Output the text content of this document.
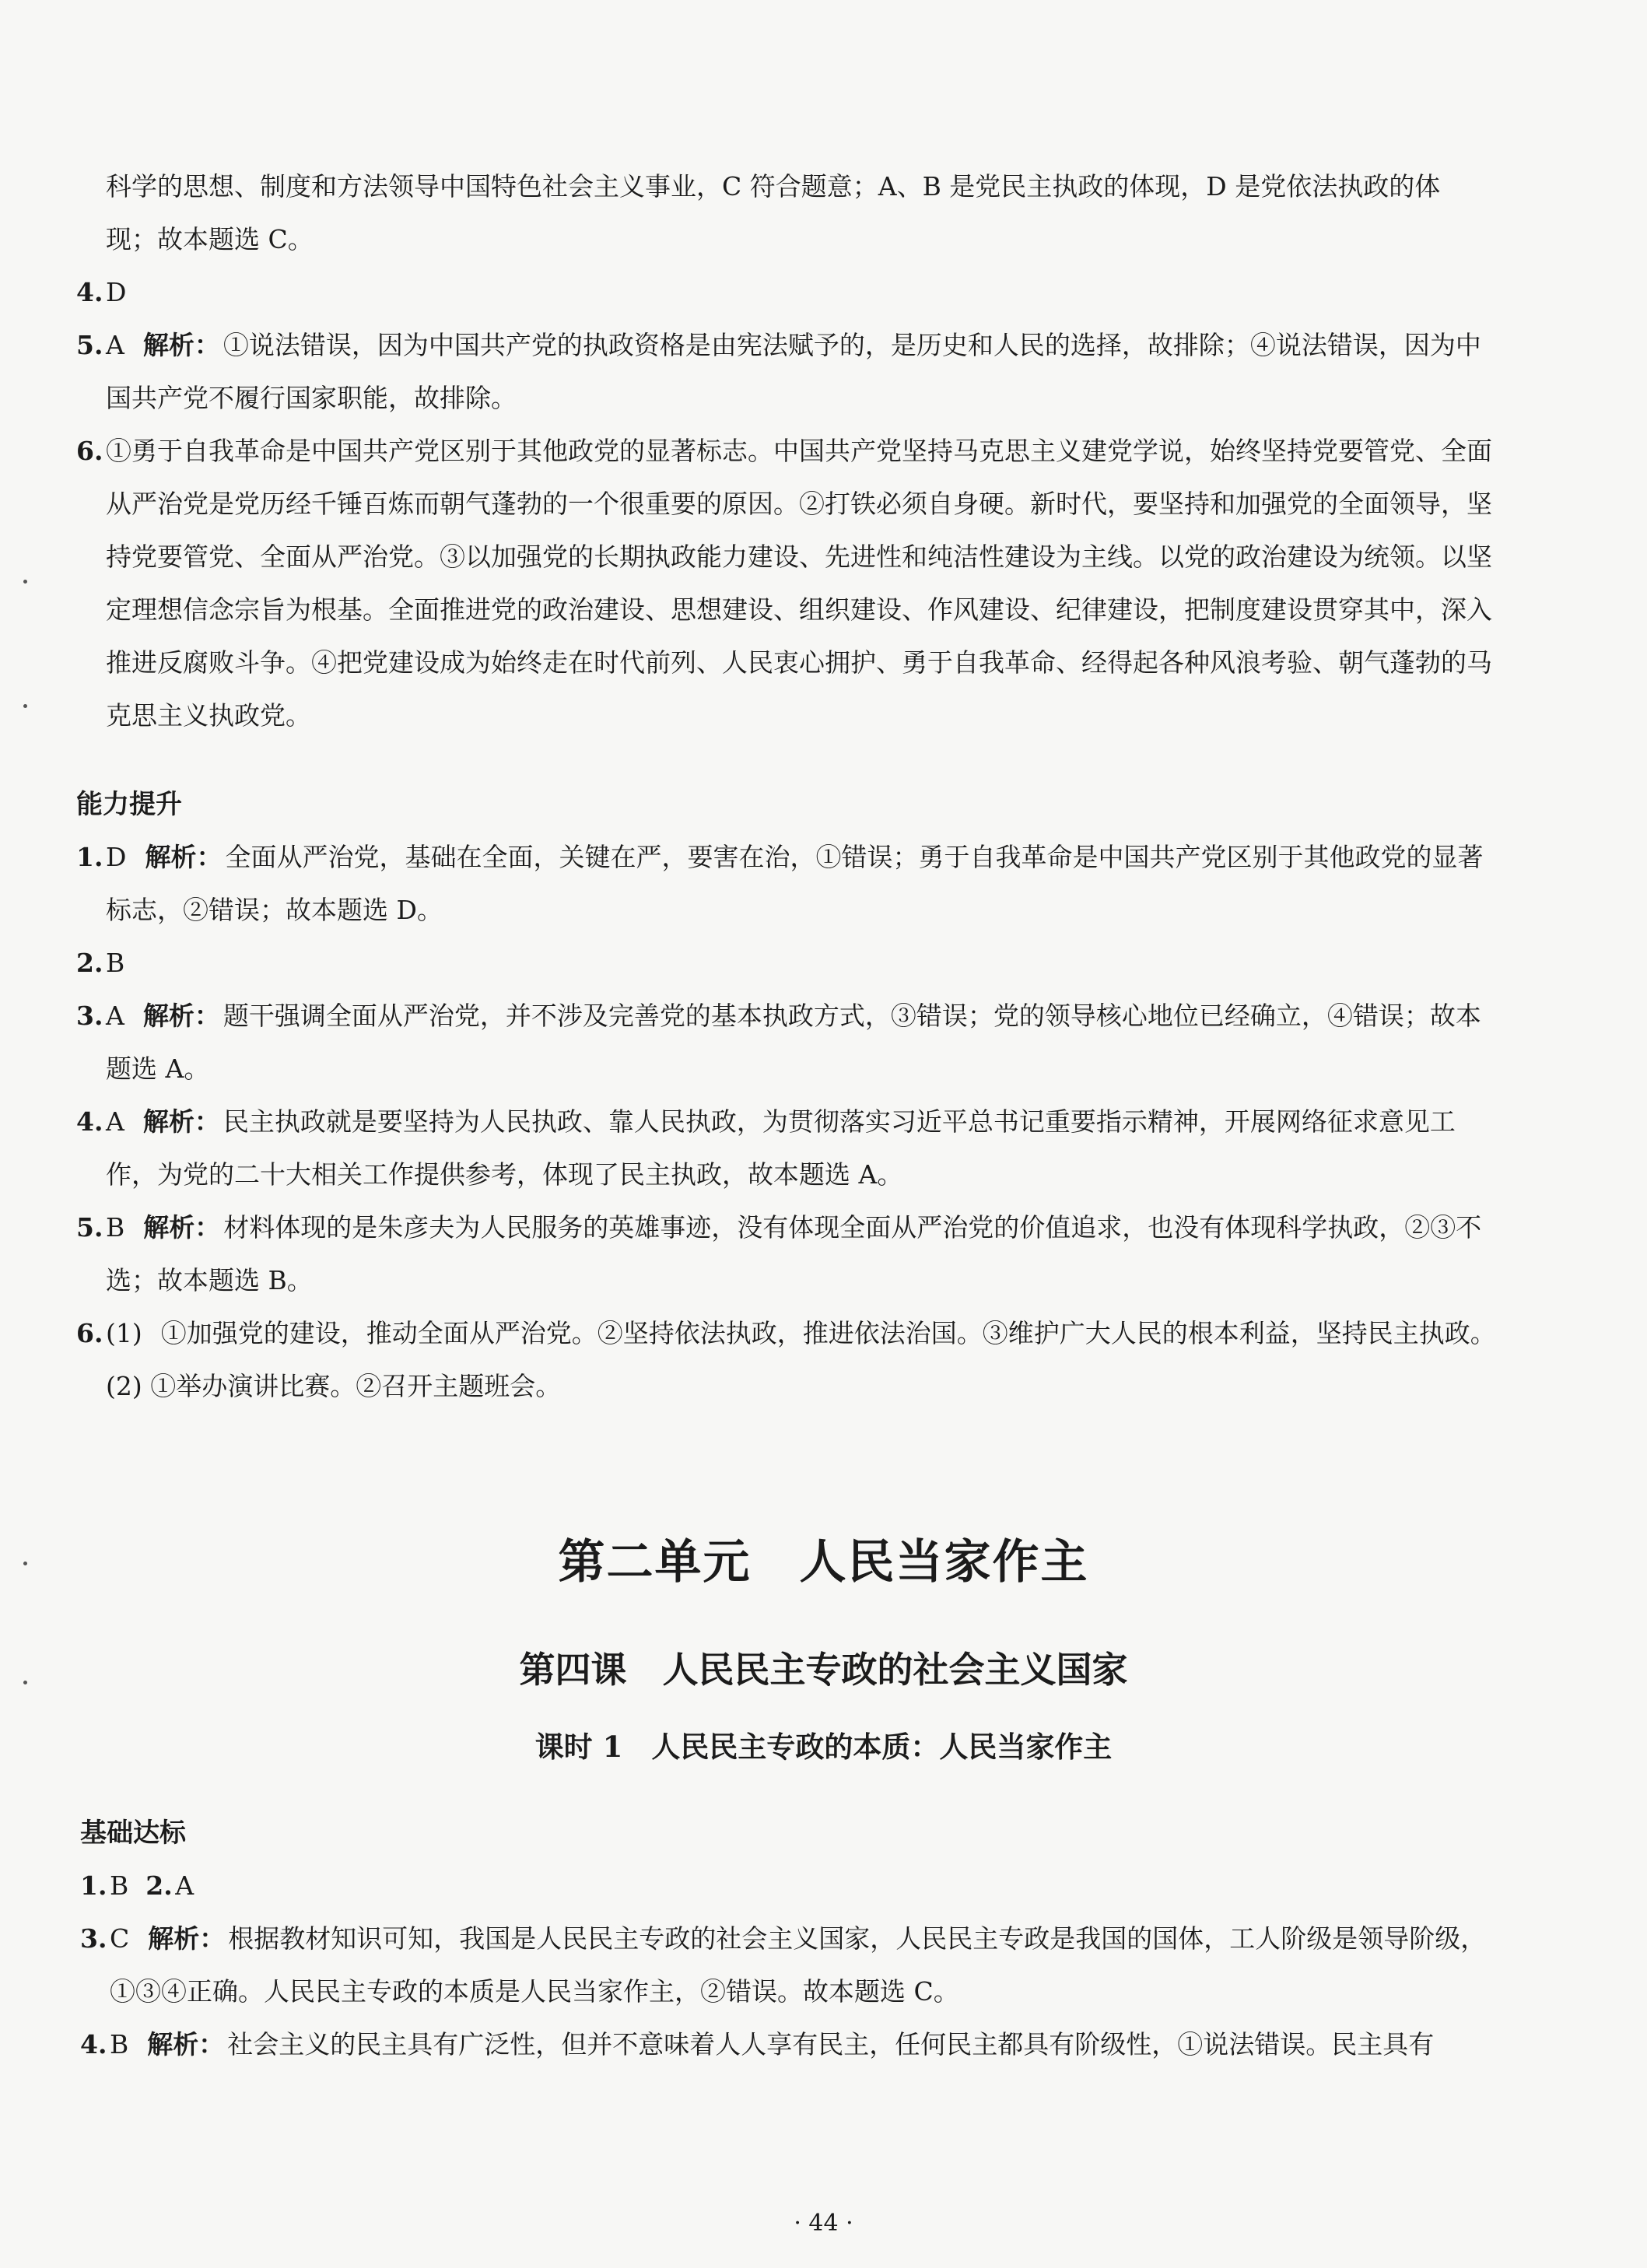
科学的思想、制度和方法领导中国特色社会主义事业，C 符合题意；A、B 是党民主执政的体现，D 是党依法执政的体
现；故本题选 C。
4. D
5. A 解析： ①说法错误，因为中国共产党的执政资格是由宪法赋予的，是历史和人民的选择，故排除；④说法错误，因为中国共产党不履行国家职能，故排除。
6. ①勇于自我革命是中国共产党区别于其他政党的显著标志。中国共产党坚持马克思主义建党学说，始终坚持党要管党、全面从严治党是党历经千锤百炼而朝气蓬勃的一个很重要的原因。②打铁必须自身硬。新时代，要坚持和加强党的全面领导，坚持党要管党、全面从严治党。③以加强党的长期执政能力建设、先进性和纯洁性建设为主线。以党的政治建设为统领。以坚定理想信念宗旨为根基。全面推进党的政治建设、思想建设、组织建设、作风建设、纪律建设，把制度建设贯穿其中，深入推进反腐败斗争。④把党建设成为始终走在时代前列、人民衷心拥护、勇于自我革命、经得起各种风浪考验、朝气蓬勃的马克思主义执政党。
能力提升
1. D 解析： 全面从严治党，基础在全面，关键在严，要害在治，①错误；勇于自我革命是中国共产党区别于其他政党的显著标志，②错误；故本题选 D。
2. B
3. A 解析： 题干强调全面从严治党，并不涉及完善党的基本执政方式，③错误；党的领导核心地位已经确立，④错误；故本题选 A。
4. A 解析： 民主执政就是要坚持为人民执政、靠人民执政，为贯彻落实习近平总书记重要指示精神，开展网络征求意见工作，为党的二十大相关工作提供参考，体现了民主执政，故本题选 A。
5. B 解析： 材料体现的是朱彦夫为人民服务的英雄事迹，没有体现全面从严治党的价值追求，也没有体现科学执政，②③不选；故本题选 B。
6. (1) ①加强党的建设，推动全面从严治党。②坚持依法执政，推进依法治国。③维护广大人民的根本利益，坚持民主执政。
(2) ①举办演讲比赛。②召开主题班会。
第二单元　人民当家作主
第四课　人民民主专政的社会主义国家
课时 1　人民民主专政的本质：人民当家作主
基础达标
1. B 2. A
3. C 解析： 根据教材知识可知，我国是人民民主专政的社会主义国家，人民民主专政是我国的国体，工人阶级是领导阶级，①③④正确。人民民主专政的本质是人民当家作主，②错误。故本题选 C。
4. B 解析： 社会主义的民主具有广泛性，但并不意味着人人享有民主，任何民主都具有阶级性，①说法错误。民主具有
· 44 ·
